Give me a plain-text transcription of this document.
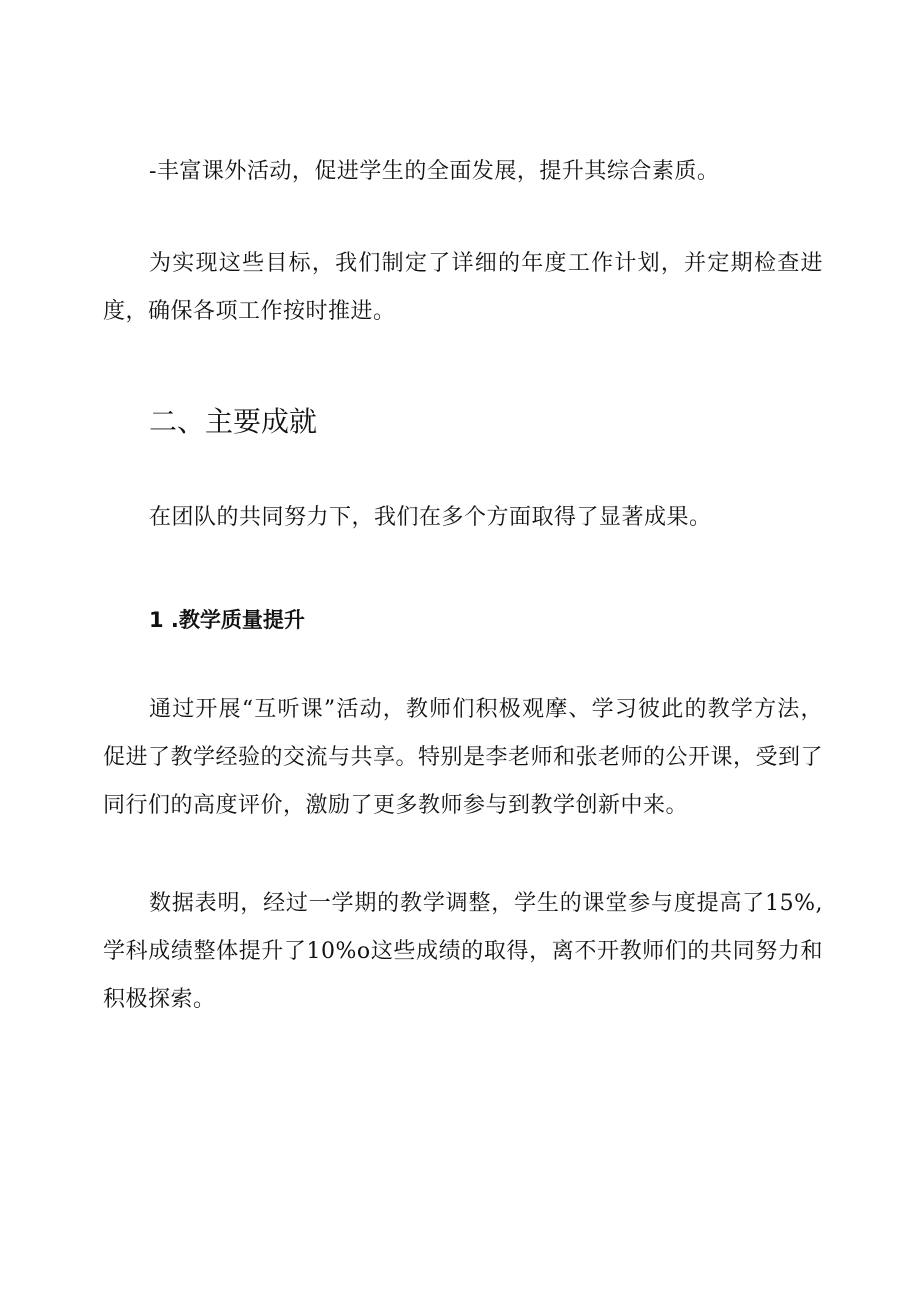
-丰富课外活动，促进学生的全面发展，提升其综合素质。

为实现这些目标，我们制定了详细的年度工作计划，并定期检查进度，确保各项工作按时推进。

二、主要成就

在团队的共同努力下，我们在多个方面取得了显著成果。

1 .教学质量提升

通过开展“互听课”活动，教师们积极观摩、学习彼此的教学方法，促进了教学经验的交流与共享。特别是李老师和张老师的公开课，受到了同行们的高度评价，激励了更多教师参与到教学创新中来。

数据表明，经过一学期的教学调整，学生的课堂参与度提高了15%,学科成绩整体提升了10%o这些成绩的取得，离不开教师们的共同努力和积极探索。
